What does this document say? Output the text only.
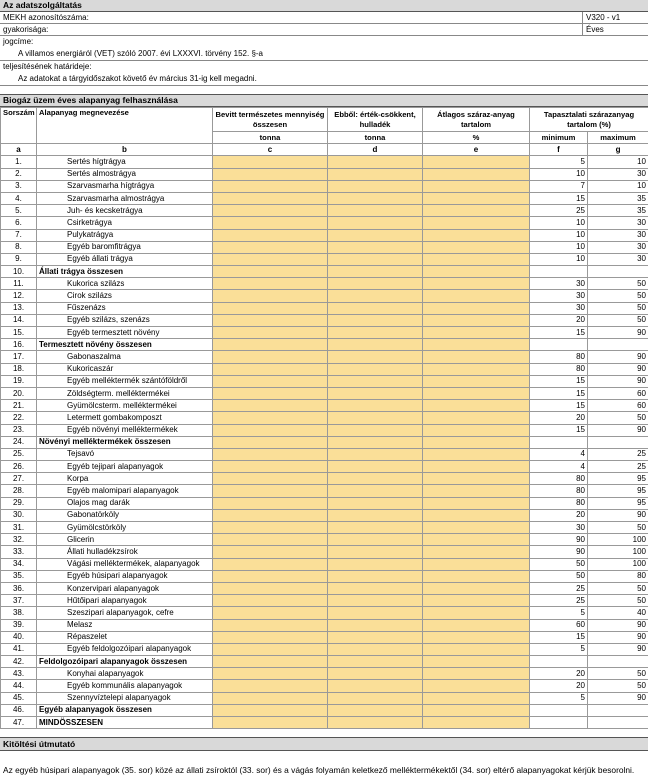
Az adatszolgáltatás
MEKH azonosítószáma:	V320 - v1
gyakorisága:	Éves
jogcíme:
A villamos energiáról (VET) szóló 2007. évi LXXXVI. törvény 152. §-a
teljesítésének határideje:
Az adatokat a tárgyidőszakot követő év március 31-ig kell megadni.
Biogáz üzem éves alapanyag felhasználása
Sorszám	Alapanyag megnevezése	Bevitt természetes mennyiség összesen	Ebből: érték-csökkent, hulladék	Átlagos száraz-anyag tartalom	Tapasztalati szárazanyag tartalom (%)	
		tonna	tonna	%	minimum	maximum
a	b	c	d	e	f	g
1.	Sertés hígtrágya				5	10
2.	Sertés almostrágya				10	30
3.	Szarvasmarha hígtrágya				7	10
4.	Szarvasmarha almostrágya				15	35
5.	Juh- és kecsketrágya				25	35
6.	Csirketrágya				10	30
7.	Pulykatrágya				10	30
8.	Egyéb baromfitrágya				10	30
9.	Egyéb állati trágya				10	30
10.	Állati trágya összesen					
11.	Kukorica szilázs				30	50
12.	Cirok szilázs				30	50
13.	Fűszenázs				30	50
14.	Egyéb szilázs, szenázs				20	50
15.	Egyéb termesztett növény				15	90
16.	Termesztett növény összesen					
17.	Gabonaszalma				80	90
18.	Kukoricaszár				80	90
19.	Egyéb melléktermék szántóföldről				15	90
20.	Zöldségterm. melléktermékei				15	60
21.	Gyümölcsterm. melléktermékei				15	60
22.	Letermett gombakomposzt				20	50
23.	Egyéb növényi melléktermékek				15	90
24.	Növényi melléktermékek összesen					
25.	Tejsavó				4	25
26.	Egyéb tejipari alapanyagok				4	25
27.	Korpa				80	95
28.	Egyéb malomipari alapanyagok				80	95
29.	Olajos mag darák				80	95
30.	Gabonatörköly				20	90
31.	Gyümölcstörköly				30	50
32.	Glicerin				90	100
33.	Állati hulladékzsírok				90	100
34.	Vágási melléktermékek, alapanyagok				50	100
35.	Egyéb húsipari alapanyagok				50	80
36.	Konzervipari alapanyagok				25	50
37.	Hűtőipari alapanyagok				25	50
38.	Szeszipari alapanyagok, cefre				5	40
39.	Melasz				60	90
40.	Répaszelet				15	90
41.	Egyéb feldolgozóipari alapanyagok				5	90
42.	Feldolgozóipari alapanyagok összesen					
43.	Konyhai alapanyagok				20	50
44.	Egyéb kommunális alapanyagok				20	50
45.	Szennyvíztelepi alapanyagok				5	90
46.	Egyéb alapanyagok összesen					
47.	MINDÖSSZESEN					
Kitöltési útmutató
Az egyéb húsipari alapanyagok (35. sor) közé az állati zsíroktól (33. sor) és a vágás folyamán keletkező melléktermékektől (34. sor) eltérő alapanyagokat kérjük besorolni.
